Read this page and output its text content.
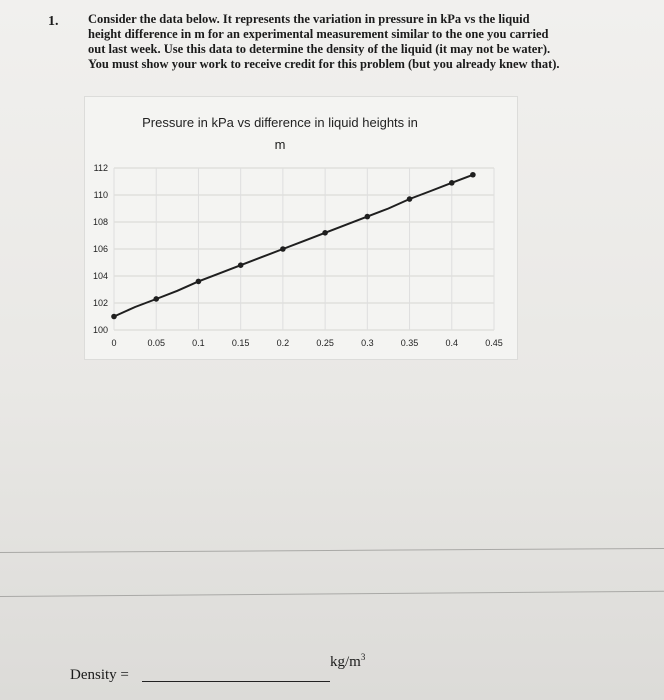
1. Consider the data below. It represents the variation in pressure in kPa vs the liquid
height difference in m for an experimental measurement similar to the one you carried
out last week. Use this data to determine the density of the liquid (it may not be water).
You must show your work to receive credit for this problem (but you already knew that).
Pressure in kPa vs difference in liquid heights in
m
100
102
104
106
108
110
112
0	0.05	0.1	0.15	0.2	0.25	0.3	0.35	0.4	0.45
Density =
$kg/m^3$
